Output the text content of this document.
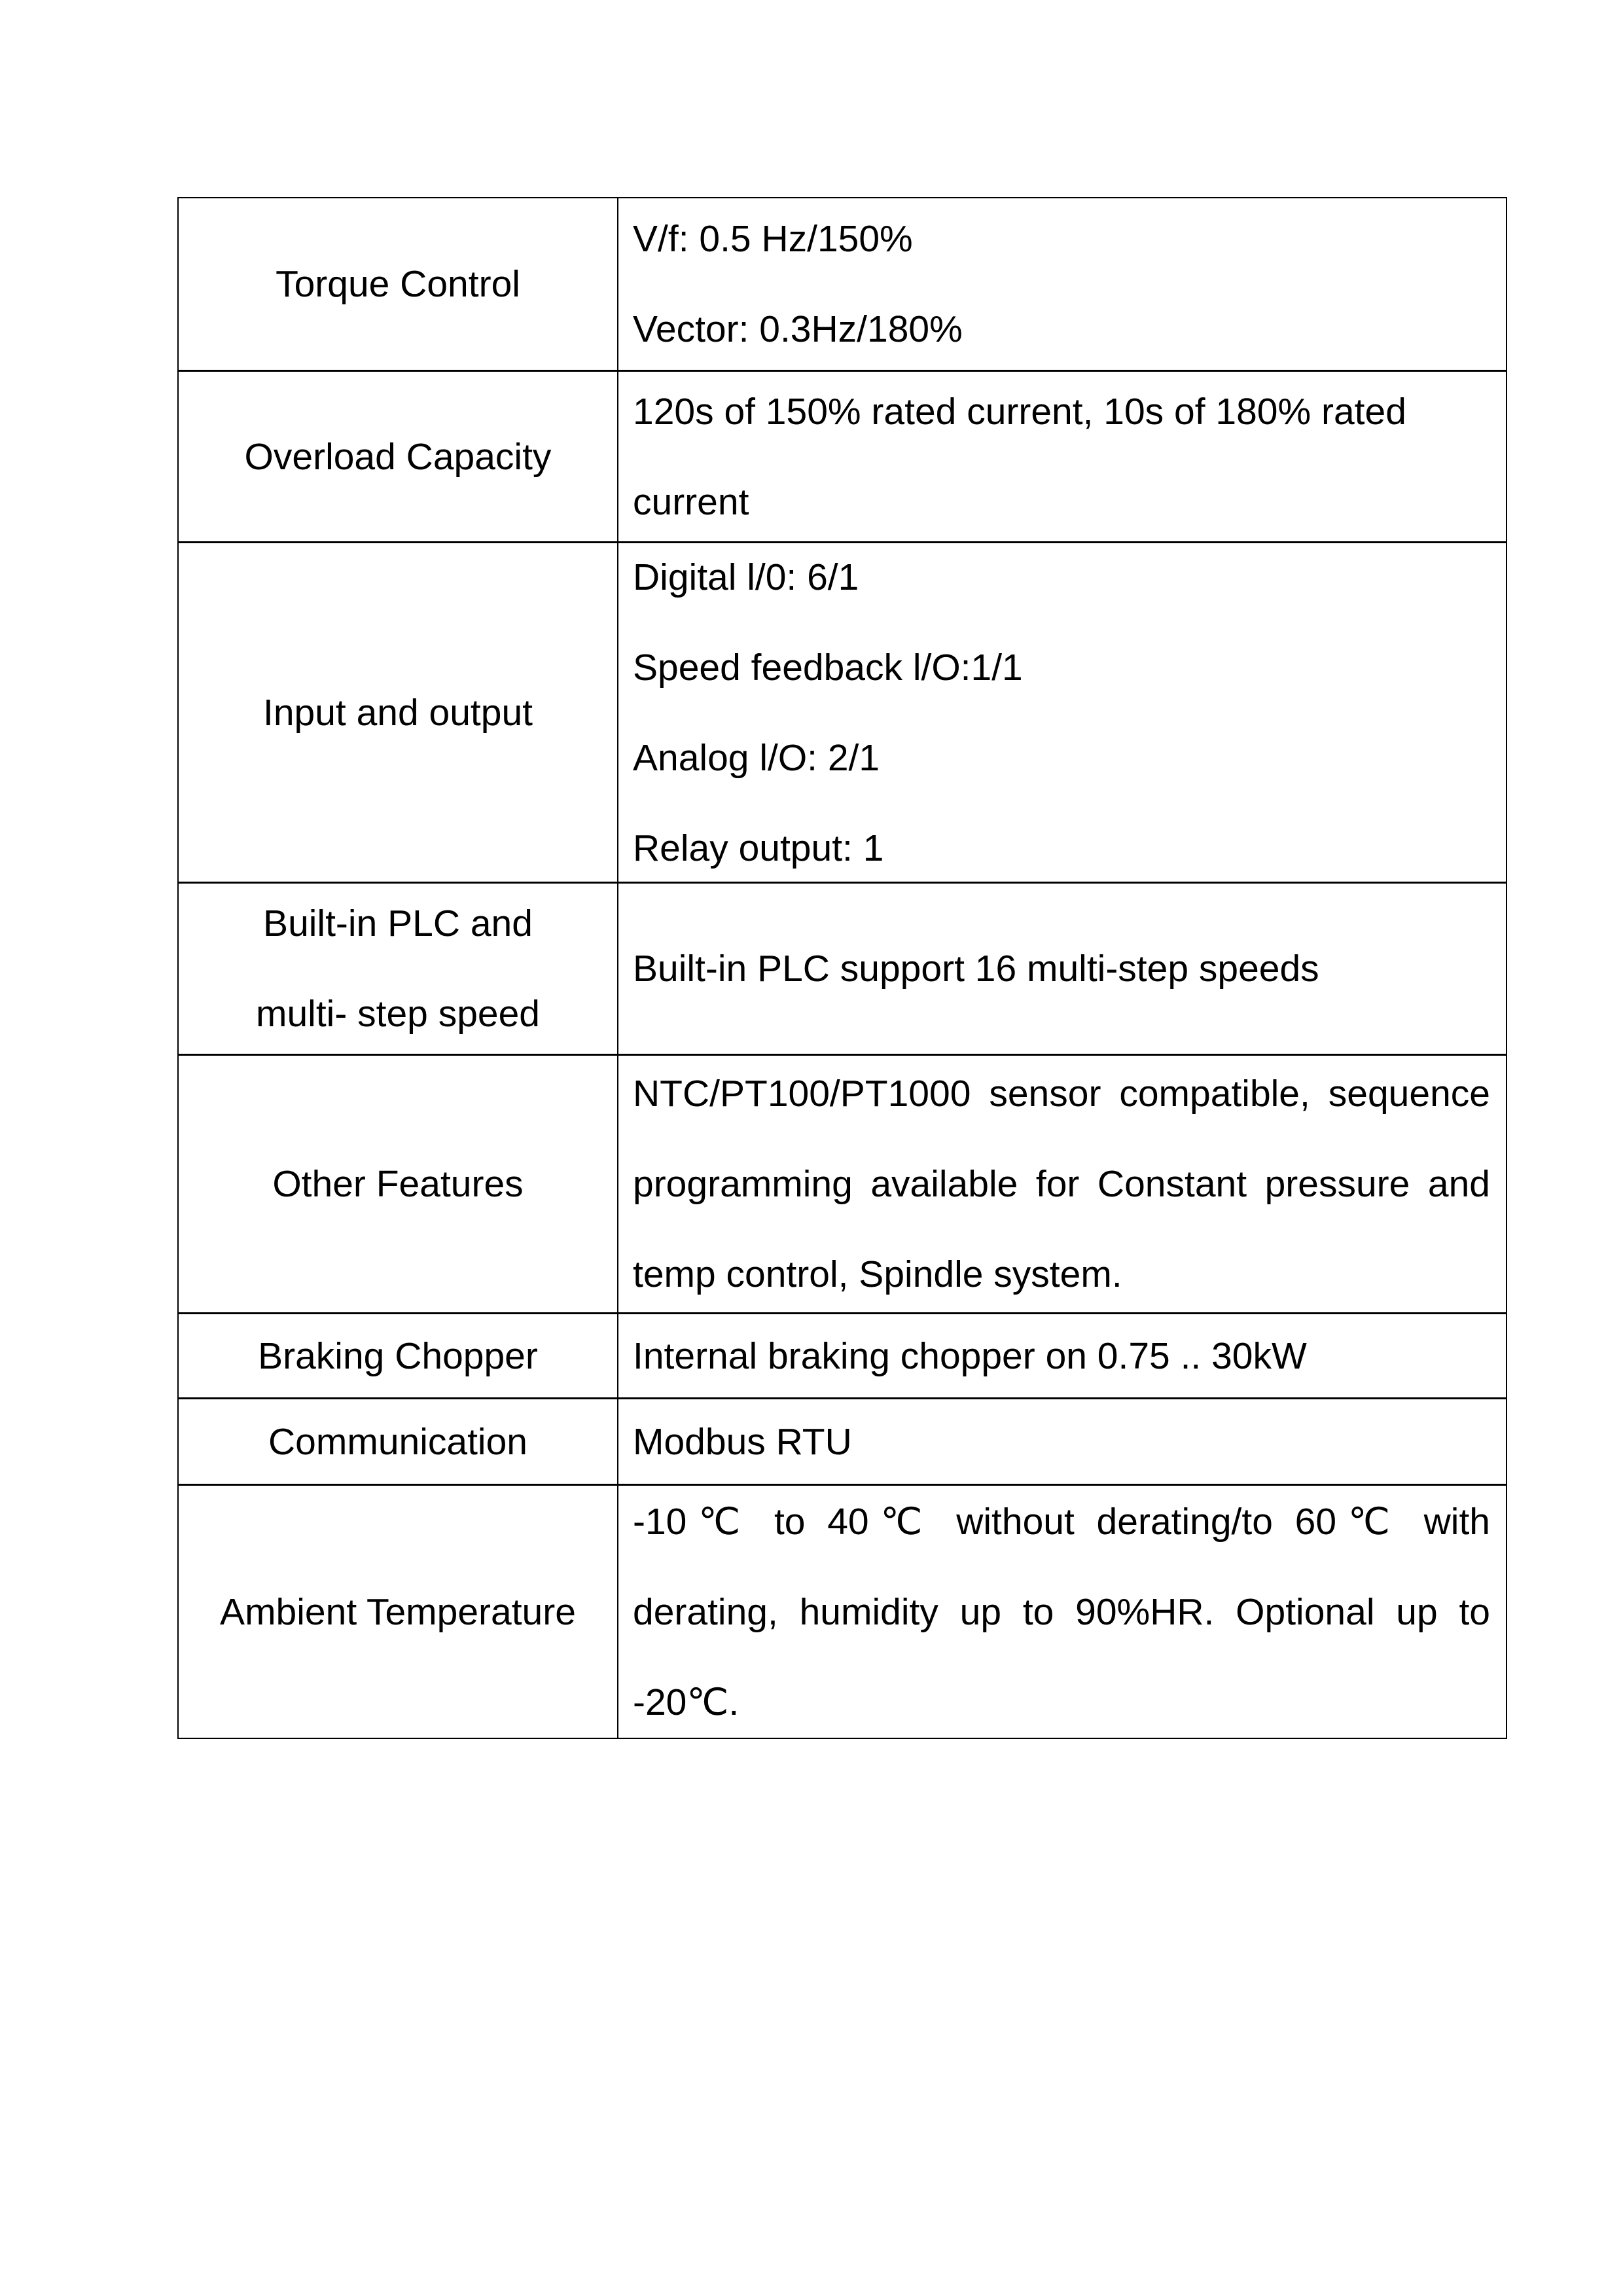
Torque Control
V/f: 0.5 Hz/150%
Vector: 0.3Hz/180%
Overload Capacity
120s of 150% rated current, 10s of 180% rated
current
Input and output
Digital l/0: 6/1
Speed feedback l/O:1/1
Analog l/O: 2/1
Relay output: 1
Built-in PLC and
multi- step speed
Built-in PLC support 16 multi-step speeds
Other Features
NTC/PT100/PT1000 sensor compatible, sequence
programming available for Constant pressure and
temp control, Spindle system.
Braking Chopper	Internal braking chopper on 0.75 .. 30kW
Communication	Modbus RTU
Ambient Temperature
-10℃ to 40℃ without derating/to 60℃ with
derating, humidity up to 90%HR. Optional up to
-20℃.
